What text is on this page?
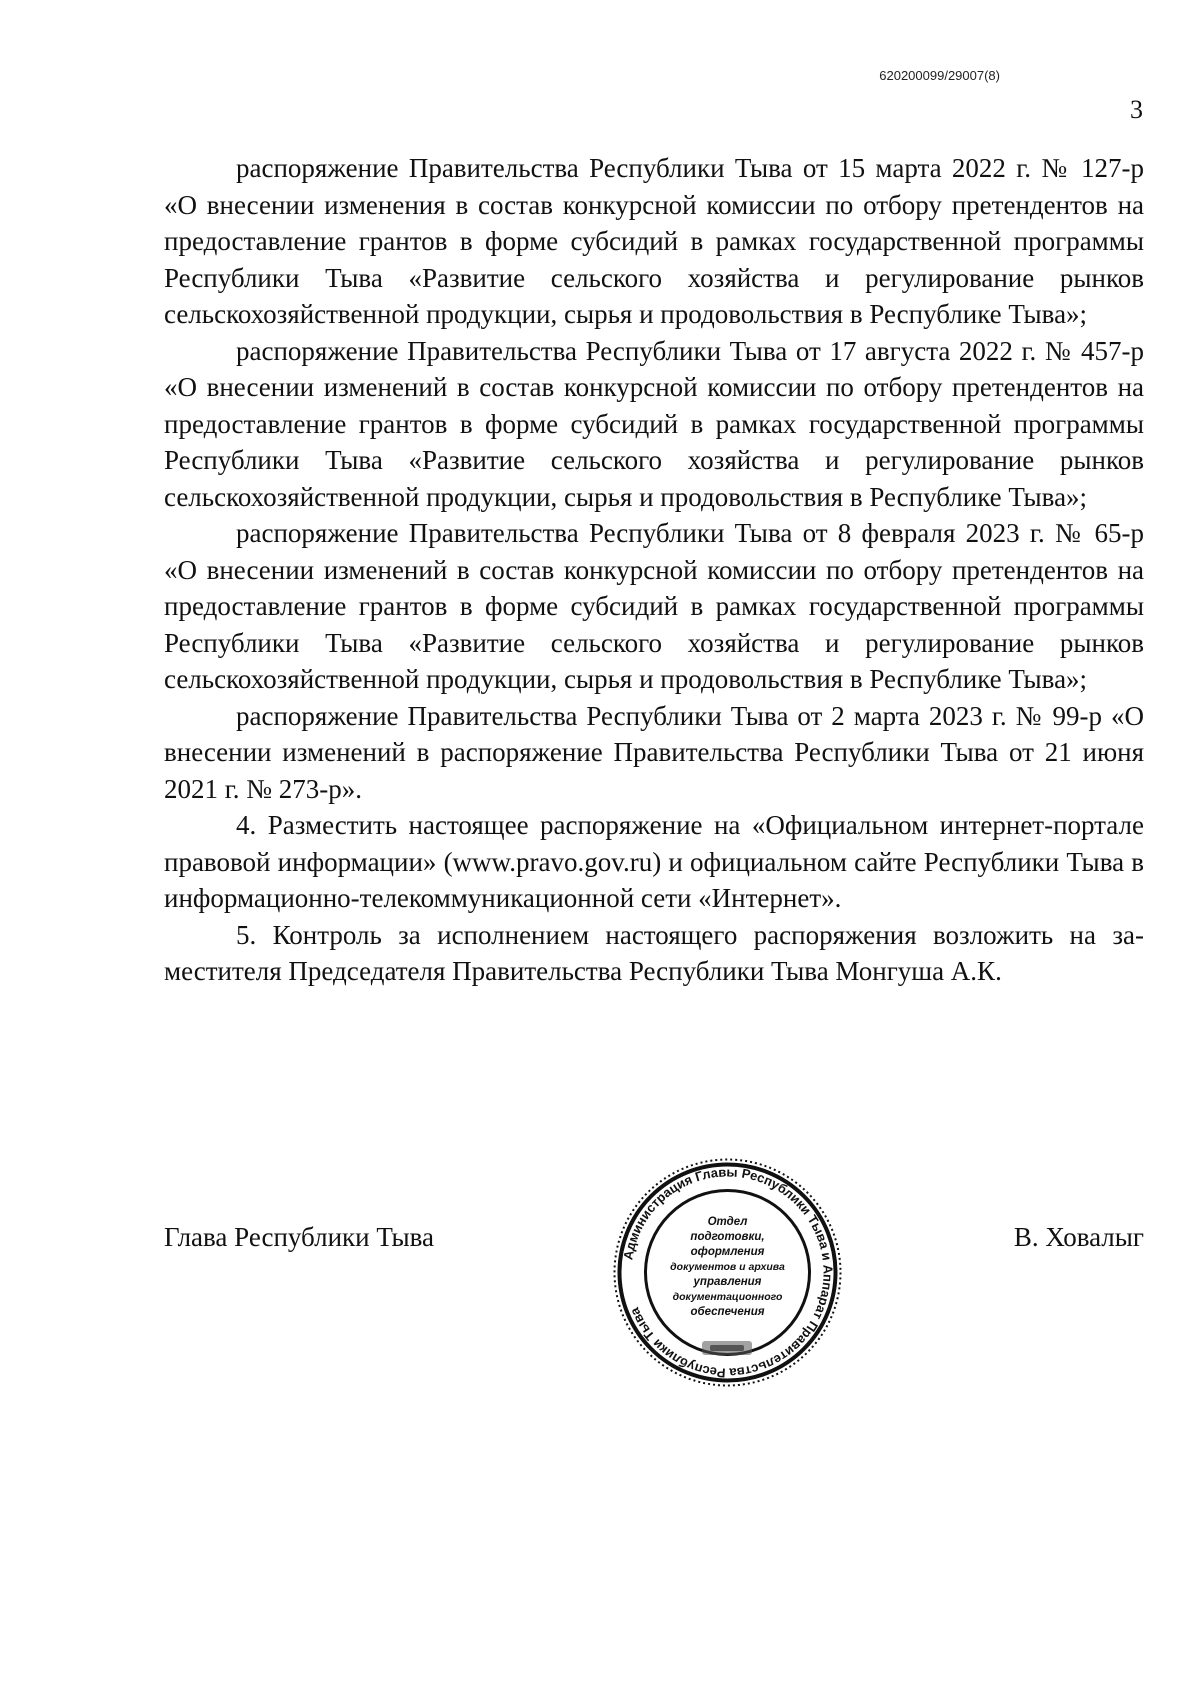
620200099/29007(8)
3

распоряжение Правительства Республики Тыва от 15 марта 2022 г. № 127-р «О внесении изменения в состав конкурсной комиссии по отбору претендентов на предоставление грантов в форме субсидий в рамках государственной программы Республики Тыва «Развитие сельского хозяйства и регулирование рынков сельскохозяйственной продукции, сырья и продовольствия в Республике Тыва»;

распоряжение Правительства Республики Тыва от 17 августа 2022 г. № 457-р «О внесении изменений в состав конкурсной комиссии по отбору претендентов на предоставление грантов в форме субсидий в рамках государственной программы Республики Тыва «Развитие сельского хозяйства и регулирование рынков сельскохозяйственной продукции, сырья и продовольствия в Республике Тыва»;

распоряжение Правительства Республики Тыва от 8 февраля 2023 г. № 65-р «О внесении изменений в состав конкурсной комиссии по отбору претендентов на предоставление грантов в форме субсидий в рамках государственной программы Республики Тыва «Развитие сельского хозяйства и регулирование рынков сельскохозяйственной продукции, сырья и продовольствия в Республике Тыва»;

распоряжение Правительства Республики Тыва от 2 марта 2023 г. № 99-р «О внесении изменений в распоряжение Правительства Республики Тыва от 21 июня 2021 г. № 273-р».

4. Разместить настоящее распоряжение на «Официальном интернет-портале правовой информации» (www.pravo.gov.ru) и официальном сайте Республики Тыва в информационно-телекоммуникационной сети «Интернет».

5. Контроль за исполнением настоящего распоряжения возложить на заместителя Председателя Правительства Республики Тыва Монгуша А.К.

Глава Республики Тыва	В. Ховалыг
Администрация Главы Республики Тыва и Аппарат Правительства Республики Тыва
Отдел
подготовки,
оформления
документов и архива
управления
документационного
обеспечения
